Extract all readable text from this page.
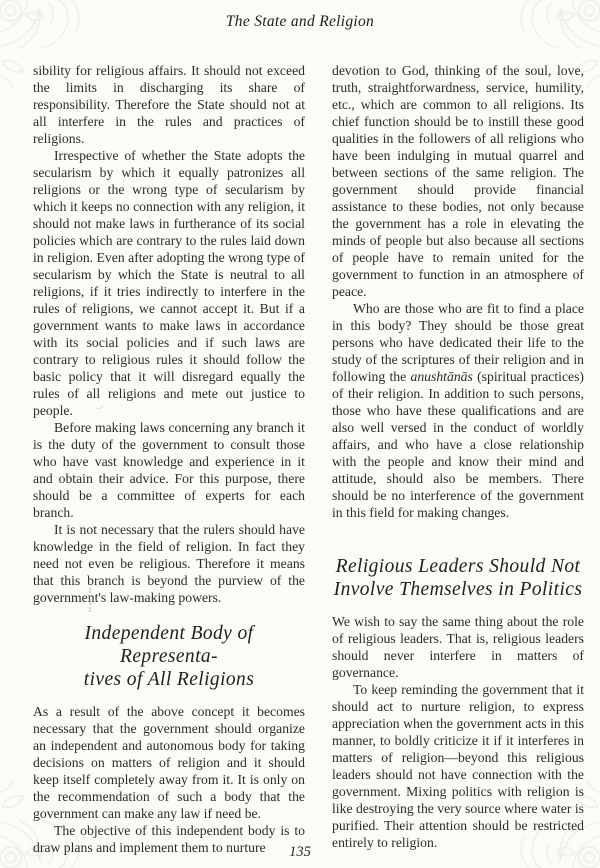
The State and Religion

sibility for religious affairs. It should not exceed the limits in discharging its share of responsibility. Therefore the State should not at all interfere in the rules and practices of religions.

Irrespective of whether the State adopts the secularism by which it equally patronizes all religions or the wrong type of secularism by which it keeps no connection with any religion, it should not make laws in furtherance of its social policies which are contrary to the rules laid down in religion. Even after adopting the wrong type of secularism by which the State is neutral to all religions, if it tries indirectly to interfere in the rules of religions, we cannot accept it. But if a government wants to make laws in accordance with its social policies and if such laws are contrary to religious rules it should follow the basic policy that it will disregard equally the rules of all religions and mete out justice to people.

Before making laws concerning any branch it is the duty of the government to consult those who have vast knowledge and experience in it and obtain their advice. For this purpose, there should be a committee of experts for each branch.

It is not necessary that the rulers should have knowledge in the field of religion. In fact they need not even be religious. Therefore it means that this branch is beyond the purview of the government's law-making powers.

Independent Body of Representa-
tives of All Religions

As a result of the above concept it becomes necessary that the government should organize an independent and autonomous body for taking decisions on matters of religion and it should keep itself completely away from it. It is only on the recommendation of such a body that the government can make any law if need be.

The objective of this independent body is to draw plans and implement them to nurture

devotion to God, thinking of the soul, love, truth, straightforwardness, service, humility, etc., which are common to all religions. Its chief function should be to instill these good qualities in the followers of all religions who have been indulging in mutual quarrel and between sections of the same religion. The government should provide financial assistance to these bodies, not only because the government has a role in elevating the minds of people but also because all sections of people have to remain united for the government to function in an atmosphere of peace.

Who are those who are fit to find a place in this body? They should be those great persons who have dedicated their life to the study of the scriptures of their religion and in following the anushtānās (spiritual practices) of their religion. In addition to such persons, those who have these qualifications and are also well versed in the conduct of worldly affairs, and who have a close relationship with the people and know their mind and attitude, should also be members. There should be no interference of the government in this field for making changes.

Religious Leaders Should Not
Involve Themselves in Politics

We wish to say the same thing about the role of religious leaders. That is, religious leaders should never interfere in matters of governance.

To keep reminding the government that it should act to nurture religion, to express appreciation when the government acts in this manner, to boldly criticize it if it interferes in matters of religion—beyond this religious leaders should not have connection with the government. Mixing politics with religion is like destroying the very source where water is purified. Their attention should be restricted entirely to religion.

135
